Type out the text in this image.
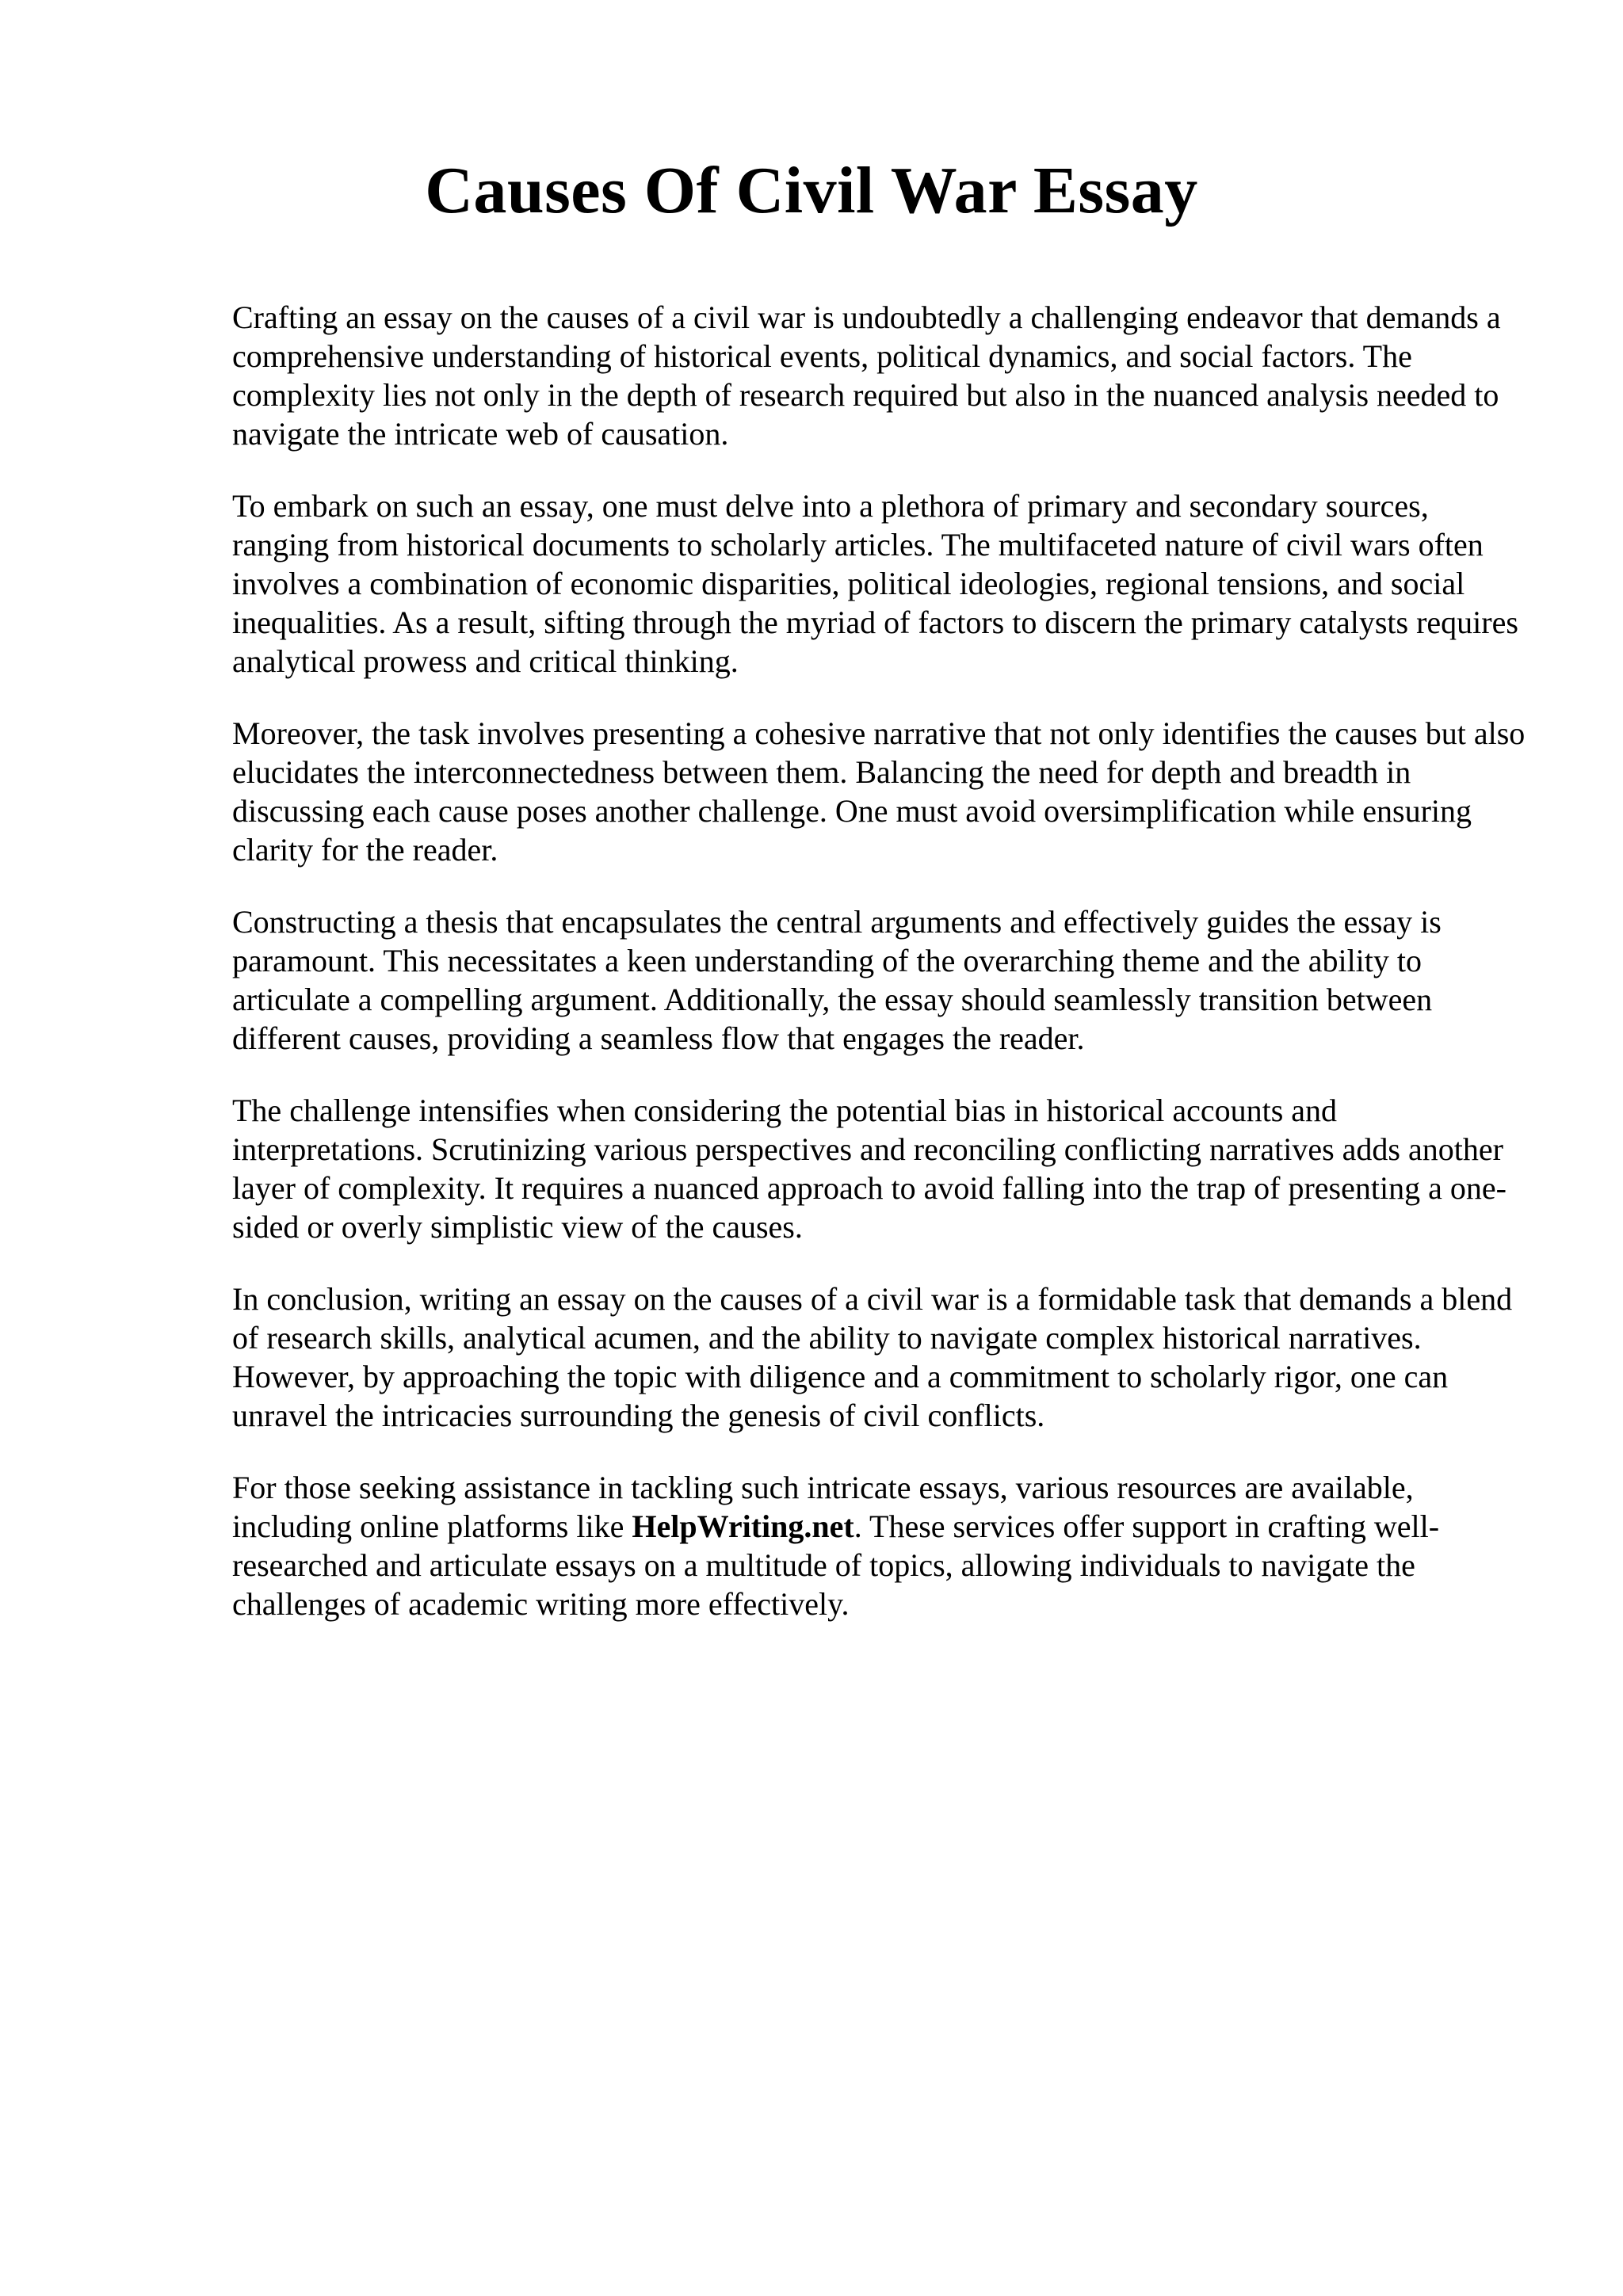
Causes Of Civil War Essay

Crafting an essay on the causes of a civil war is undoubtedly a challenging endeavor that demands a comprehensive understanding of historical events, political dynamics, and social factors. The complexity lies not only in the depth of research required but also in the nuanced analysis needed to navigate the intricate web of causation.

To embark on such an essay, one must delve into a plethora of primary and secondary sources, ranging from historical documents to scholarly articles. The multifaceted nature of civil wars often involves a combination of economic disparities, political ideologies, regional tensions, and social inequalities. As a result, sifting through the myriad of factors to discern the primary catalysts requires analytical prowess and critical thinking.

Moreover, the task involves presenting a cohesive narrative that not only identifies the causes but also elucidates the interconnectedness between them. Balancing the need for depth and breadth in discussing each cause poses another challenge. One must avoid oversimplification while ensuring clarity for the reader.

Constructing a thesis that encapsulates the central arguments and effectively guides the essay is paramount. This necessitates a keen understanding of the overarching theme and the ability to articulate a compelling argument. Additionally, the essay should seamlessly transition between different causes, providing a seamless flow that engages the reader.

The challenge intensifies when considering the potential bias in historical accounts and interpretations. Scrutinizing various perspectives and reconciling conflicting narratives adds another layer of complexity. It requires a nuanced approach to avoid falling into the trap of presenting a one-sided or overly simplistic view of the causes.

In conclusion, writing an essay on the causes of a civil war is a formidable task that demands a blend of research skills, analytical acumen, and the ability to navigate complex historical narratives. However, by approaching the topic with diligence and a commitment to scholarly rigor, one can unravel the intricacies surrounding the genesis of civil conflicts.

For those seeking assistance in tackling such intricate essays, various resources are available, including online platforms like HelpWriting.net. These services offer support in crafting well-researched and articulate essays on a multitude of topics, allowing individuals to navigate the challenges of academic writing more effectively.
